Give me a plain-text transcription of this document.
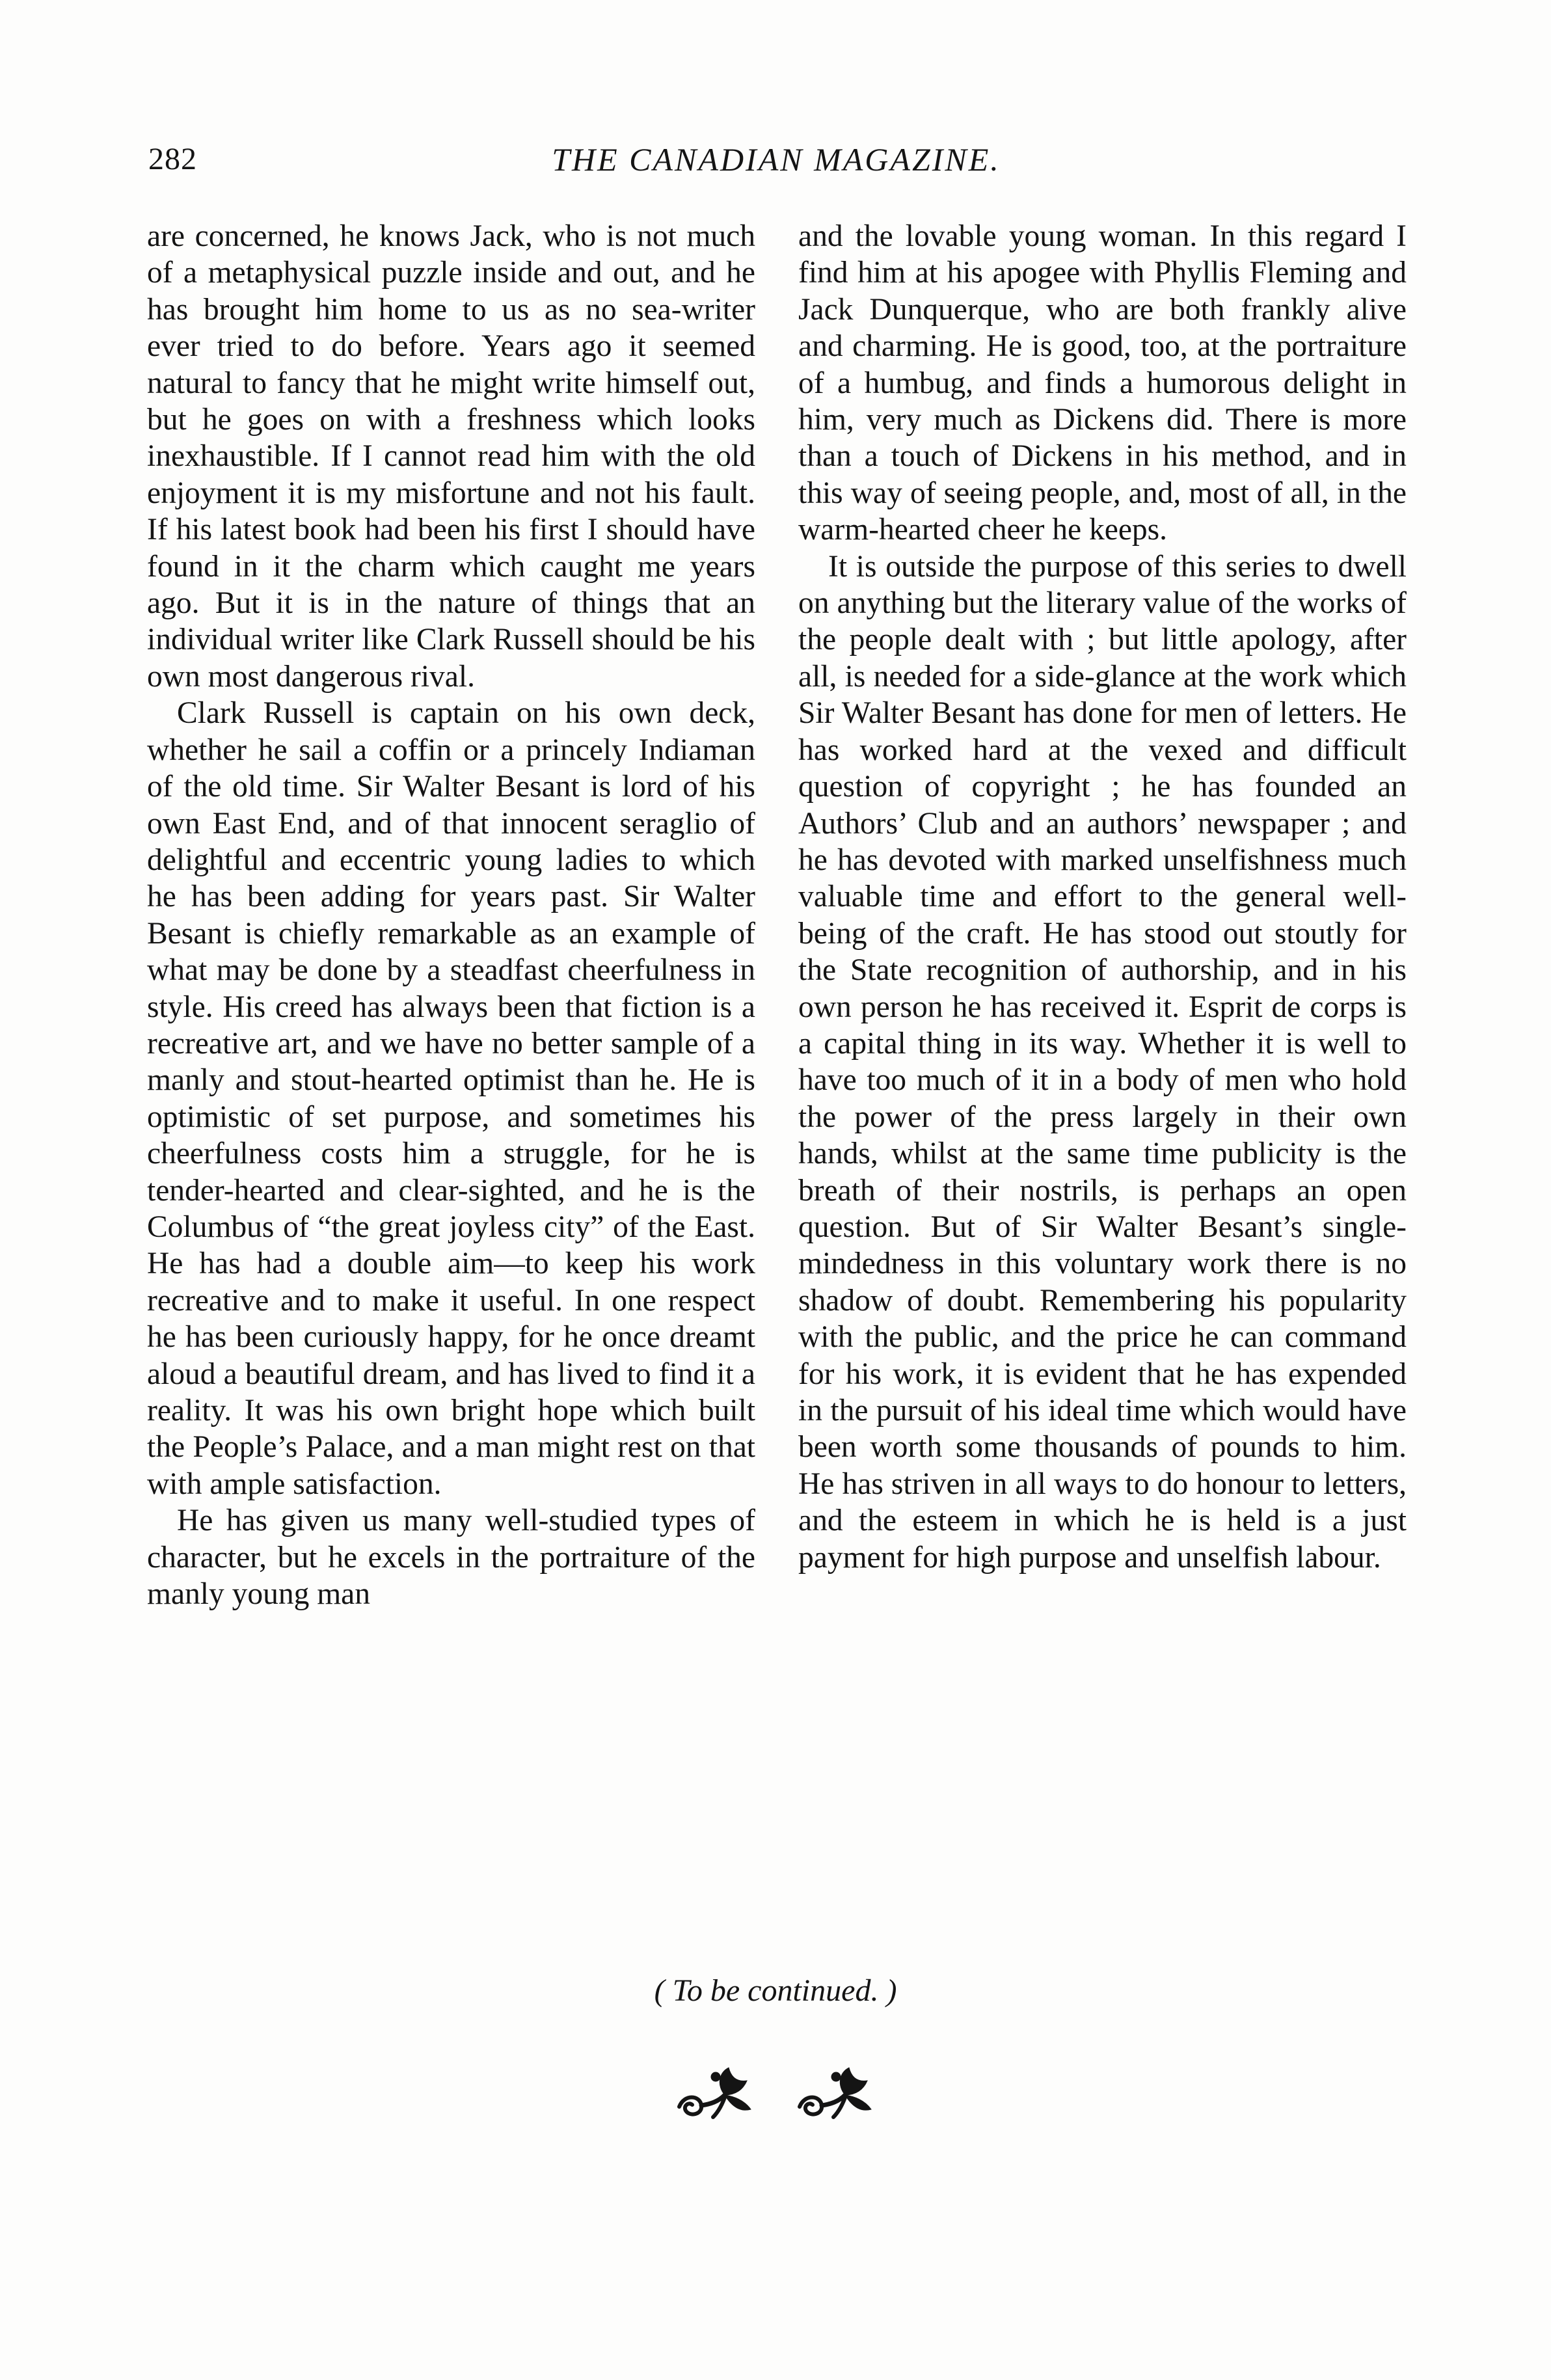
282	THE CANADIAN MAGAZINE.

are concerned, he knows Jack, who is not much of a metaphysical puzzle inside and out, and he has brought him home to us as no sea-writer ever tried to do before. Years ago it seemed natural to fancy that he might write himself out, but he goes on with a freshness which looks inexhaustible. If I cannot read him with the old enjoyment it is my misfortune and not his fault. If his latest book had been his first I should have found in it the charm which caught me years ago. But it is in the nature of things that an individual writer like Clark Russell should be his own most dangerous rival.

Clark Russell is captain on his own deck, whether he sail a coffin or a princely Indiaman of the old time. Sir Walter Besant is lord of his own East End, and of that innocent seraglio of delightful and eccentric young ladies to which he has been adding for years past. Sir Walter Besant is chiefly remarkable as an example of what may be done by a steadfast cheerfulness in style. His creed has always been that fiction is a recreative art, and we have no better sample of a manly and stout-hearted optimist than he. He is optimistic of set purpose, and sometimes his cheerfulness costs him a struggle, for he is tender-hearted and clear-sighted, and he is the Columbus of “the great joyless city” of the East. He has had a double aim—to keep his work recreative and to make it useful. In one respect he has been curiously happy, for he once dreamt aloud a beautiful dream, and has lived to find it a reality. It was his own bright hope which built the People’s Palace, and a man might rest on that with ample satisfaction.

He has given us many well-studied types of character, but he excels in the portraiture of the manly young man

and the lovable young woman. In this regard I find him at his apogee with Phyllis Fleming and Jack Dunquerque, who are both frankly alive and charming. He is good, too, at the portraiture of a humbug, and finds a humorous delight in him, very much as Dickens did. There is more than a touch of Dickens in his method, and in this way of seeing people, and, most of all, in the warm-hearted cheer he keeps.

It is outside the purpose of this series to dwell on anything but the literary value of the works of the people dealt with ; but little apology, after all, is needed for a side-glance at the work which Sir Walter Besant has done for men of letters. He has worked hard at the vexed and difficult question of copyright ; he has founded an Authors’ Club and an authors’ newspaper ; and he has devoted with marked unselfishness much valuable time and effort to the general well-being of the craft. He has stood out stoutly for the State recognition of authorship, and in his own person he has received it. Esprit de corps is a capital thing in its way. Whether it is well to have too much of it in a body of men who hold the power of the press largely in their own hands, whilst at the same time publicity is the breath of their nostrils, is perhaps an open question. But of Sir Walter Besant’s single-mindedness in this voluntary work there is no shadow of doubt. Remembering his popularity with the public, and the price he can command for his work, it is evident that he has expended in the pursuit of his ideal time which would have been worth some thousands of pounds to him. He has striven in all ways to do honour to letters, and the esteem in which he is held is a just payment for high purpose and unselfish labour.

( To be continued. )
